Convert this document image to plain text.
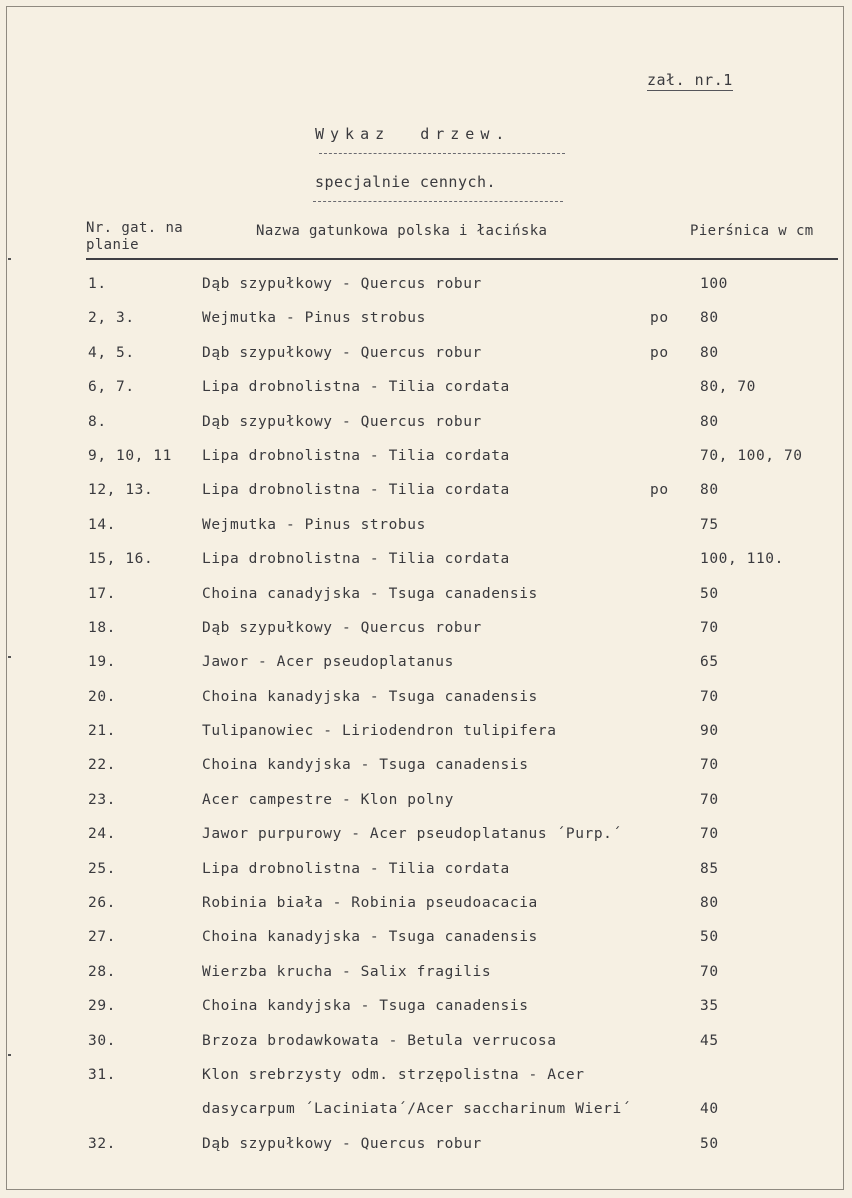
zał. nr.1
Wykaz  drzew.
specjalnie cennych.
Nr. gat. na planie
Nazwa gatunkowa polska i łacińska	Pierśnica w cm
1.	Dąb szypułkowy - Quercus robur	100
2, 3.	Wejmutka - Pinus strobus	po 80
4, 5.	Dąb szypułkowy - Quercus robur	po 80
6, 7.	Lipa drobnolistna - Tilia cordata	80, 70
8.	Dąb szypułkowy - Quercus robur	80
9, 10, 11 Lipa drobnolistna - Tilia cordata	70, 100, 70
12, 13.	Lipa drobnolistna - Tilia cordata	po 80
14.	Wejmutka - Pinus strobus	75
15, 16.	Lipa drobnolistna - Tilia cordata	100, 110.
17.	Choina canadyjska - Tsuga canadensis	50
18.	Dąb szypułkowy - Quercus robur	70
19.	Jawor - Acer pseudoplatanus	65
20.	Choina kanadyjska - Tsuga canadensis	70
21.	Tulipanowiec - Liriodendron tulipifera	90
22.	Choina kandyjska - Tsuga canadensis	70
23.	Acer campestre - Klon polny	70
24.	Jawor purpurowy - Acer pseudoplatanus ´Purp.´	70
25.	Lipa drobnolistna - Tilia cordata	85
26.	Robinia biała - Robinia pseudoacacia	80
27.	Choina kanadyjska - Tsuga canadensis	50
28.	Wierzba krucha - Salix fragilis	70
29.	Choina kandyjska - Tsuga canadensis	35
30.	Brzoza brodawkowata - Betula verrucosa	45
31.	Klon srebrzysty odm. strzępolistna - Acer
dasycarpum ´Laciniata´/Acer saccharinum Wieri´	40
32.	Dąb szypułkowy - Quercus robur	50
